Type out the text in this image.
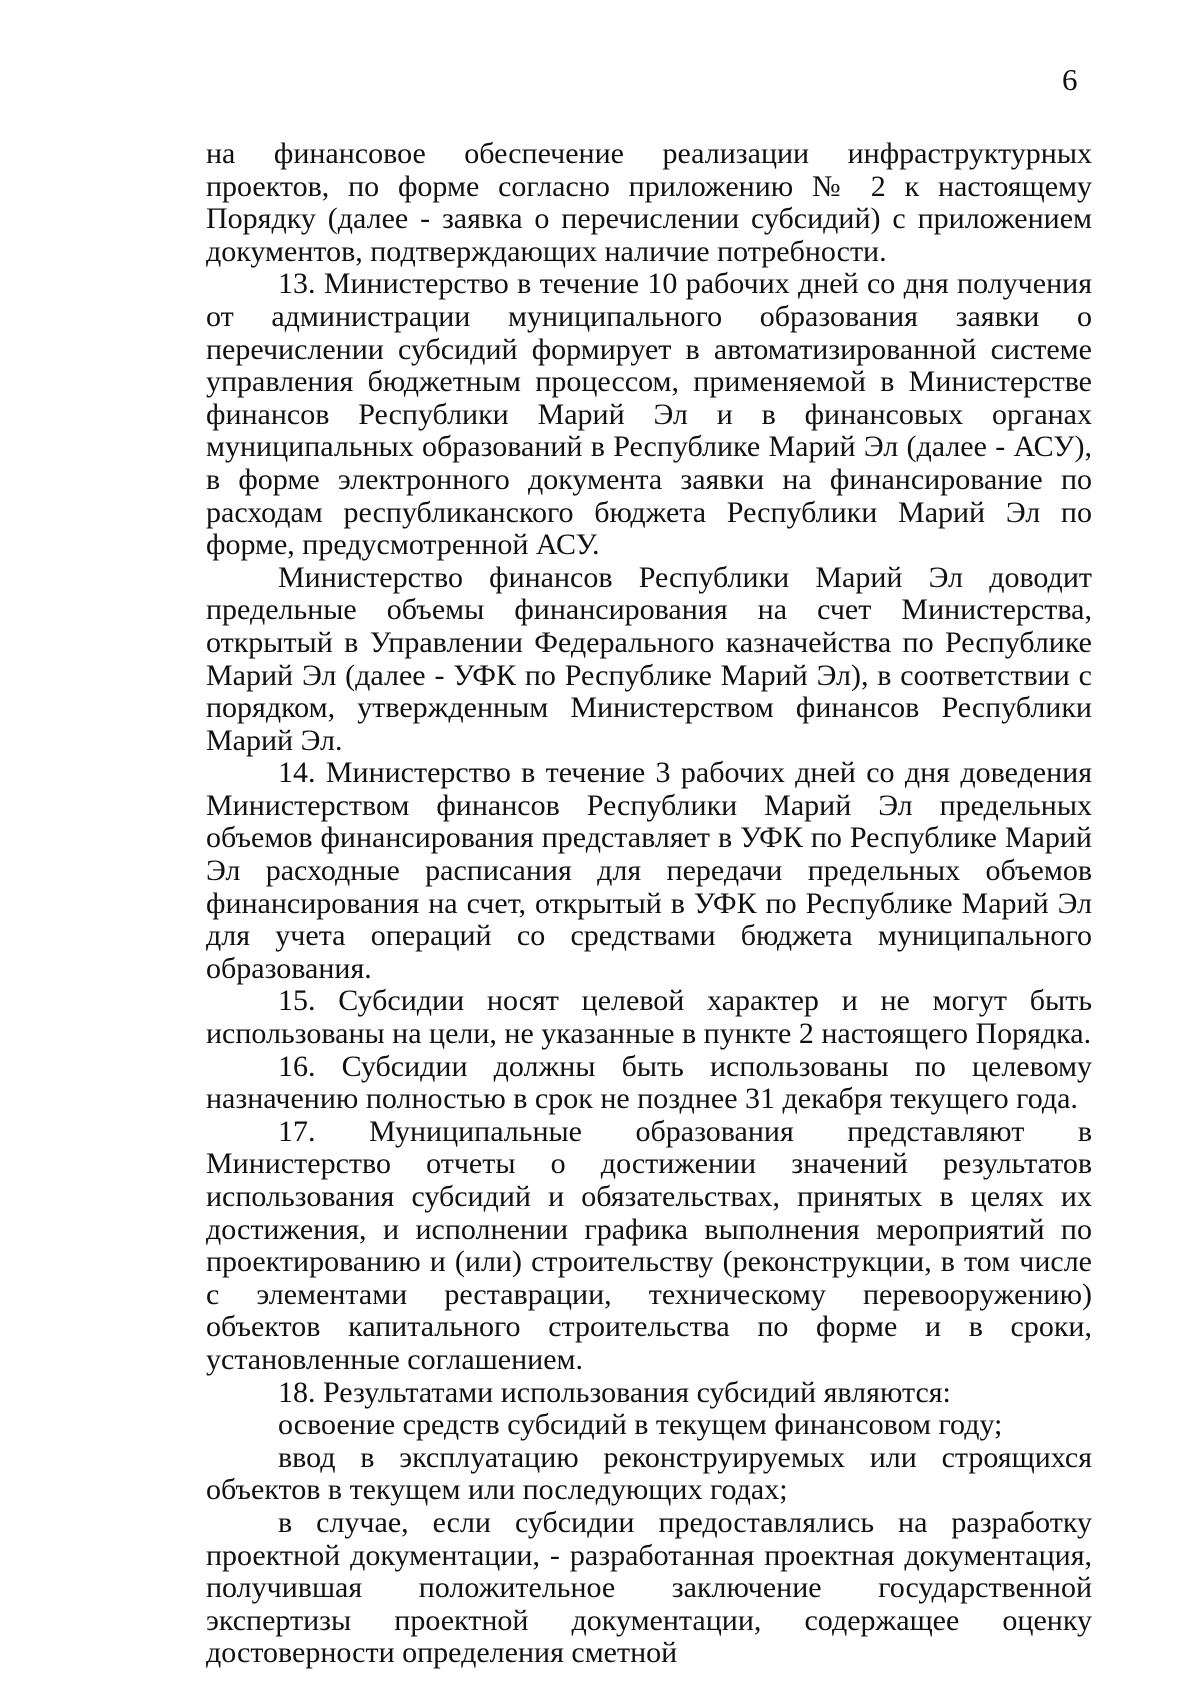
6

на финансовое обеспечение реализации инфраструктурных проектов, по форме согласно приложению № 2 к настоящему Порядку (далее - заявка о перечислении субсидий) с приложением документов, подтверждающих наличие потребности.

13. Министерство в течение 10 рабочих дней со дня получения от администрации муниципального образования заявки о перечислении субсидий формирует в автоматизированной системе управления бюджетным процессом, применяемой в Министерстве финансов Республики Марий Эл и в финансовых органах муниципальных образований в Республике Марий Эл (далее - АСУ), в форме электронного документа заявки на финансирование по расходам республиканского бюджета Республики Марий Эл по форме, предусмотренной АСУ.

Министерство финансов Республики Марий Эл доводит предельные объемы финансирования на счет Министерства, открытый в Управлении Федерального казначейства по Республике Марий Эл (далее - УФК по Республике Марий Эл), в соответствии с порядком, утвержденным Министерством финансов Республики Марий Эл.

14. Министерство в течение 3 рабочих дней со дня доведения Министерством финансов Республики Марий Эл предельных объемов финансирования представляет в УФК по Республике Марий Эл расходные расписания для передачи предельных объемов финансирования на счет, открытый в УФК по Республике Марий Эл для учета операций со средствами бюджета муниципального образования.

15. Субсидии носят целевой характер и не могут быть использованы на цели, не указанные в пункте 2 настоящего Порядка.

16. Субсидии должны быть использованы по целевому назначению полностью в срок не позднее 31 декабря текущего года.

17. Муниципальные образования представляют в Министерство отчеты о достижении значений результатов использования субсидий и обязательствах, принятых в целях их достижения, и исполнении графика выполнения мероприятий по проектированию и (или) строительству (реконструкции, в том числе с элементами реставрации, техническому перевооружению) объектов капитального строительства по форме и в сроки, установленные соглашением.

18. Результатами использования субсидий являются:

освоение средств субсидий в текущем финансовом году;

ввод в эксплуатацию реконструируемых или строящихся объектов в текущем или последующих годах;

в случае, если субсидии предоставлялись на разработку проектной документации, - разработанная проектная документация, получившая положительное заключение государственной экспертизы проектной документации, содержащее оценку достоверности определения сметной
